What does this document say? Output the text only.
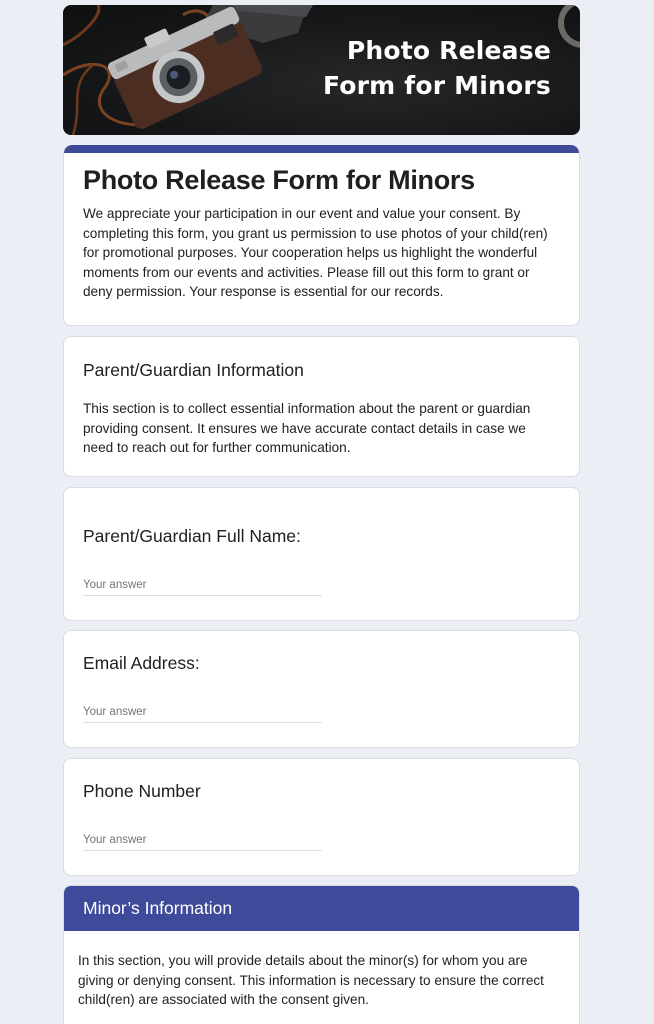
Photo Release
Form for Minors
Photo Release Form for Minors

We appreciate your participation in our event and value your consent. By completing this form, you grant us permission to use photos of your child(ren) for promotional purposes. Your cooperation helps us highlight the wonderful moments from our events and activities. Please fill out this form to grant or deny permission. Your response is essential for our records.

Parent/Guardian Information

This section is to collect essential information about the parent or guardian providing consent. It ensures we have accurate contact details in case we need to reach out for further communication.

Parent/Guardian Full Name:
Your answer
Email Address:
Your answer
Phone Number
Your answer
Minor’s Information

In this section, you will provide details about the minor(s) for whom you are giving or denying consent. This information is necessary to ensure the correct child(ren) are associated with the consent given.
